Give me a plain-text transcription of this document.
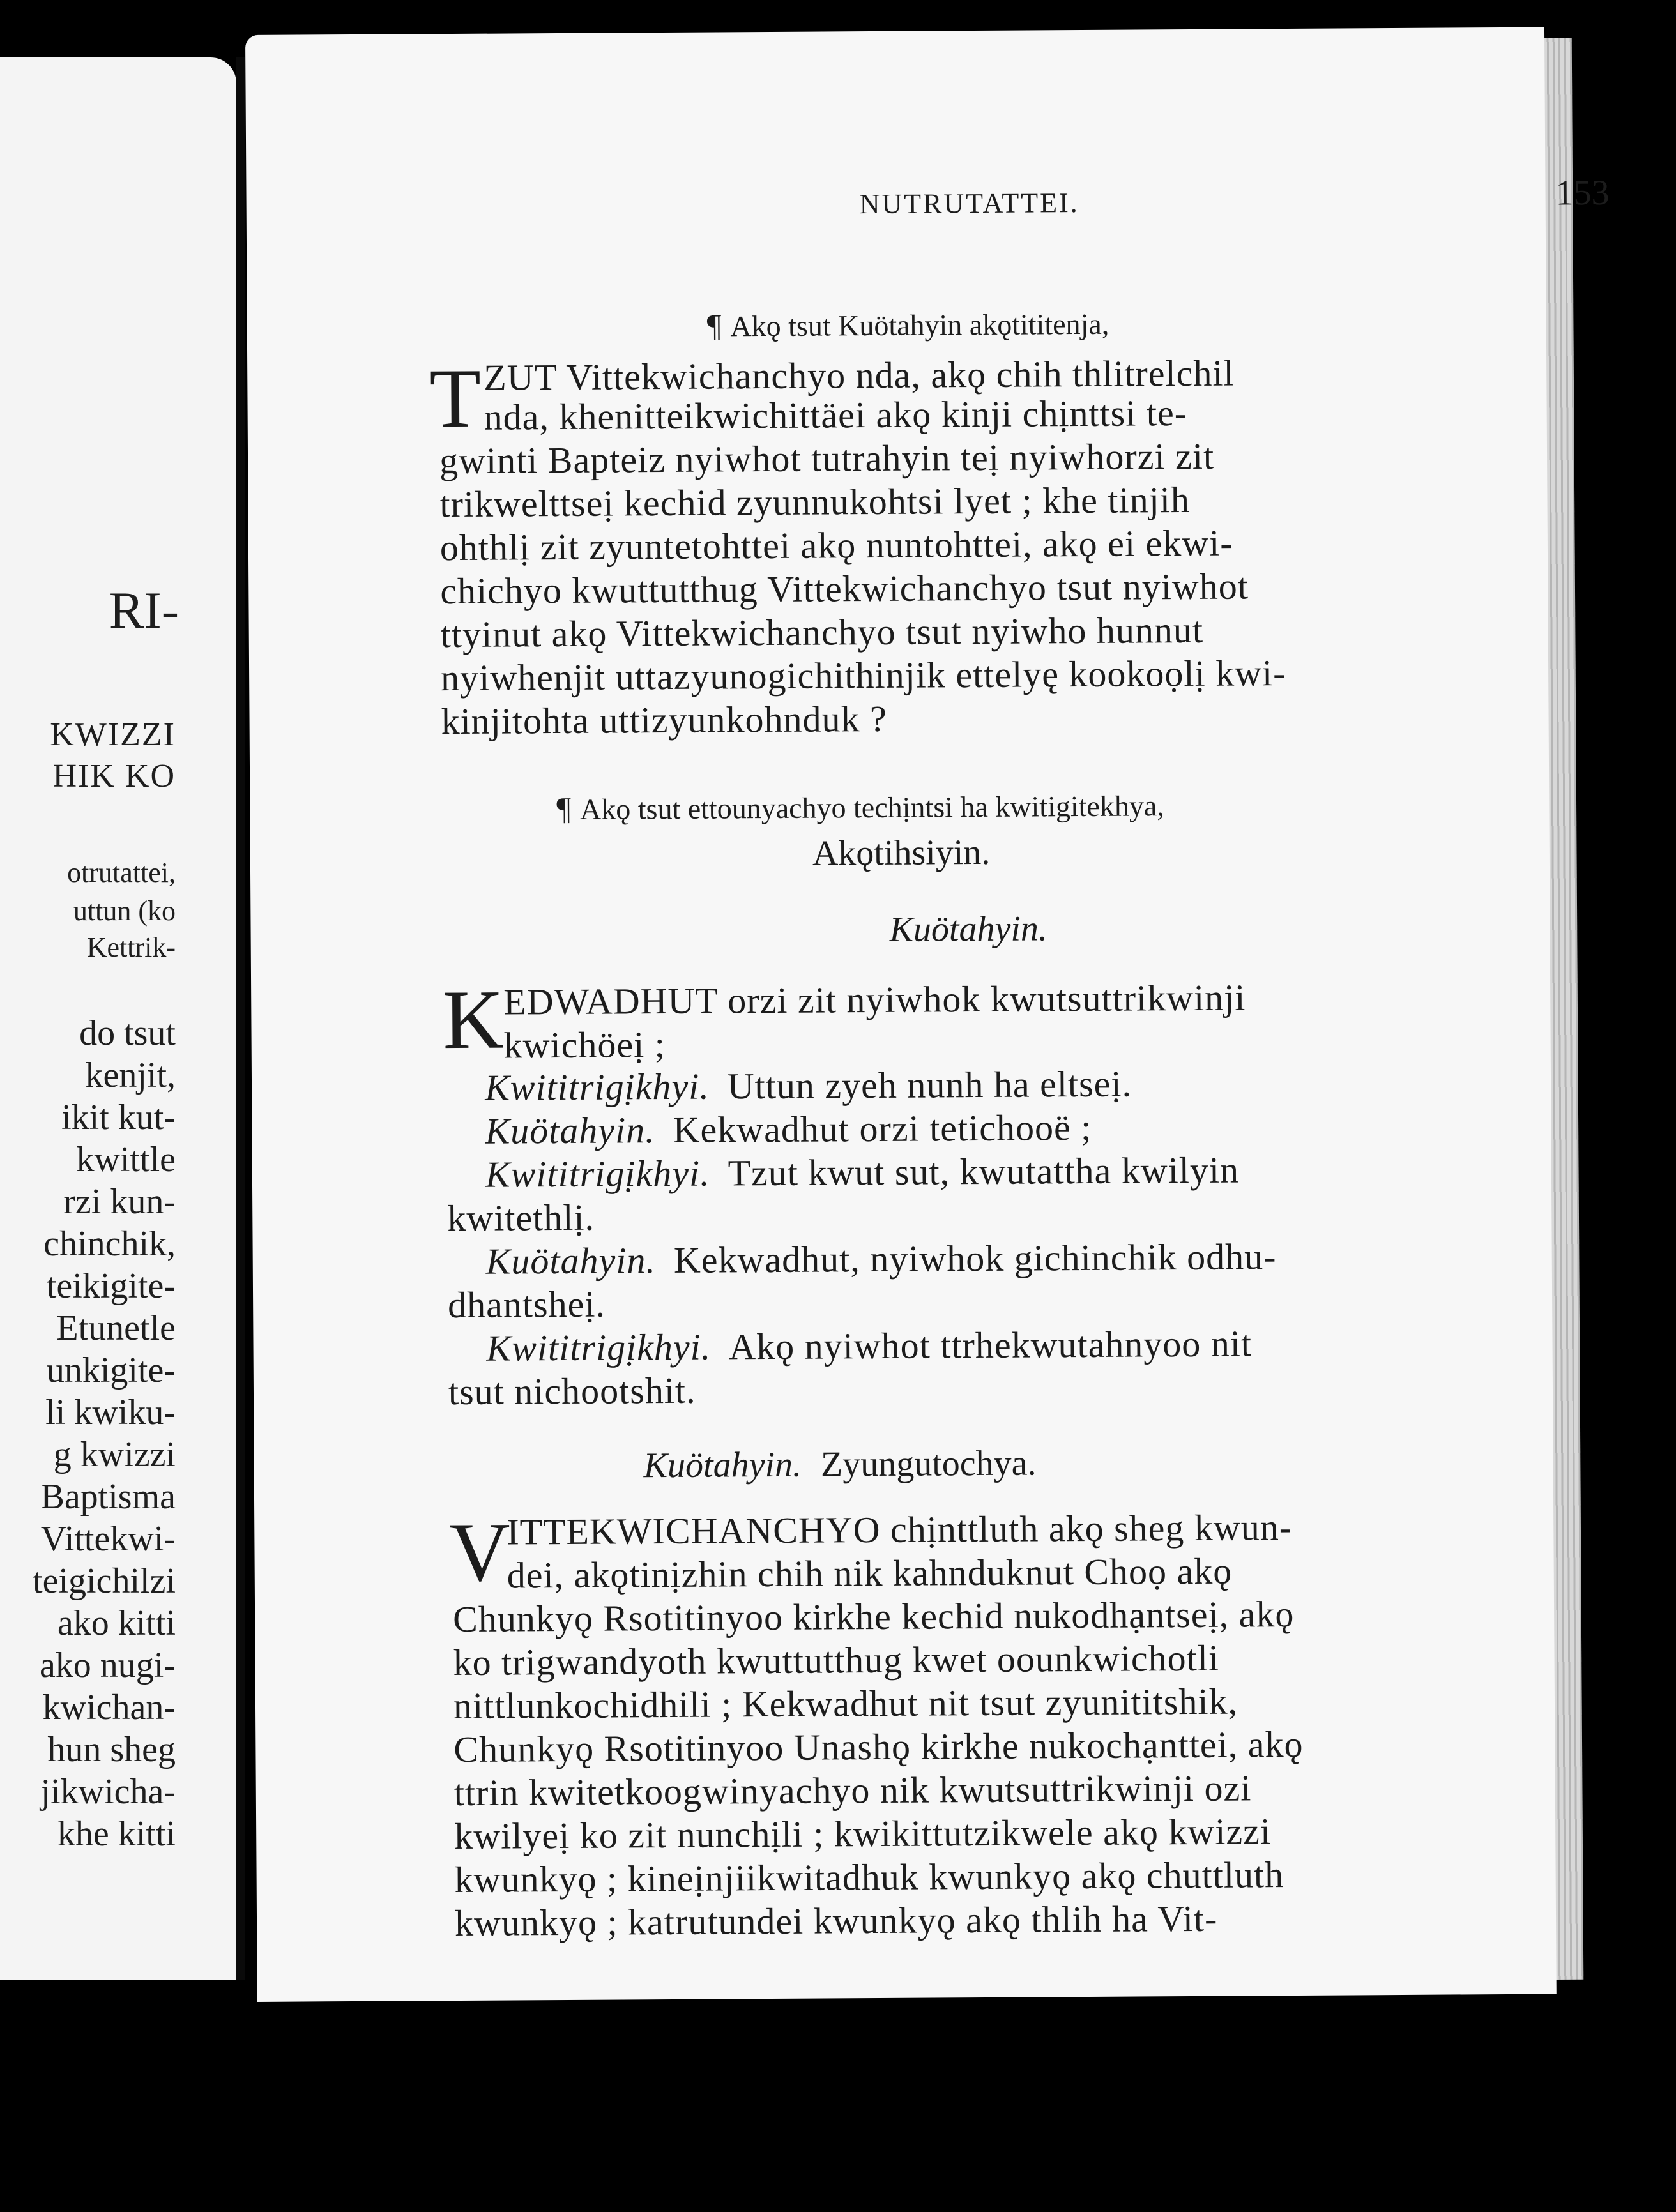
RI-
KWIZZI
HIK KO
otrutattei,
uttun (ko
Kettrik-
do tsut
kenjit,
ikit kut-
kwittle
rzi kun-
chinchik,
teikigite-
Etunetle
unkigite-
li kwiku-
g kwizzi
Baptisma
Vittekwi-
teigichilzi
ako kitti
ako nugi-
kwichan-
hun sheg
jikwicha-
khe kitti
NUTRUTATTEI.	153
¶ Akǫ tsut Kuötahyin akǫtititenja,
T ZUT Vittekwichanchyo nda, akǫ chih thlitrelchil
nda, khenitteikwichittäei akǫ kinji chịnttsi te-
gwinti Bapteiz nyiwhot tutrahyin teị nyiwhorzi zit
trikwelttseị kechid zyunnukohtsi lyet ; khe tinjih
ohthlị zit zyuntetohttei akǫ nuntohttei, akǫ ei ekwi-
chichyo kwuttutthug Vittekwichanchyo tsut nyiwhot
ttyinut akǫ Vittekwichanchyo tsut nyiwho hunnut
nyiwhenjit uttazyunogichithinjik ettelyę kookoọlị kwi-
kinjitohta uttizyunkohnduk ?
¶ Akǫ tsut ettounyachyo techịntsi ha kwitigitekhya,
Akǫtihsiyin.
Kuötahyin.
K
EDWADHUT orzi zit nyiwhok kwutsuttrikwinji
kwichöeị ;
Kwititrigịkhyi. Uttun zyeh nunh ha eltseị.
Kuötahyin. Kekwadhut orzi tetichooë ;
Kwititrigịkhyi. Tzut kwut sut, kwutattha kwilyin
kwitethlị.
Kuötahyin. Kekwadhut, nyiwhok gichinchik odhu-
dhantsheị.
Kwititrigịkhyi. Akǫ nyiwhot ttrhekwutahnyoo nit
tsut nichootshit.
Kuötahyin. Zyungutochya.
V
ITTEKWICHANCHYO chịnttluth akǫ sheg kwun-
dei, akǫtinịzhin chih nik kahnduknut Choọ akǫ
Chunkyǫ Rsotitinyoo kirkhe kechid nukodhạntseị, akǫ
ko trigwandyoth kwuttutthug kwet oounkwichotli
nittlunkochidhili ; Kekwadhut nit tsut zyunititshik,
Chunkyǫ Rsotitinyoo Unashǫ kirkhe nukochạnttei, akǫ
ttrin kwitetkoogwinyachyo nik kwutsuttrikwinji ozi
kwilyeị ko zit nunchịli ; kwikittutzikwele akǫ kwizzi
kwunkyǫ ; kineịnjiikwitadhuk kwunkyǫ akǫ chuttluth
kwunkyǫ ; katrutundei kwunkyǫ akǫ thlih ha Vit-
